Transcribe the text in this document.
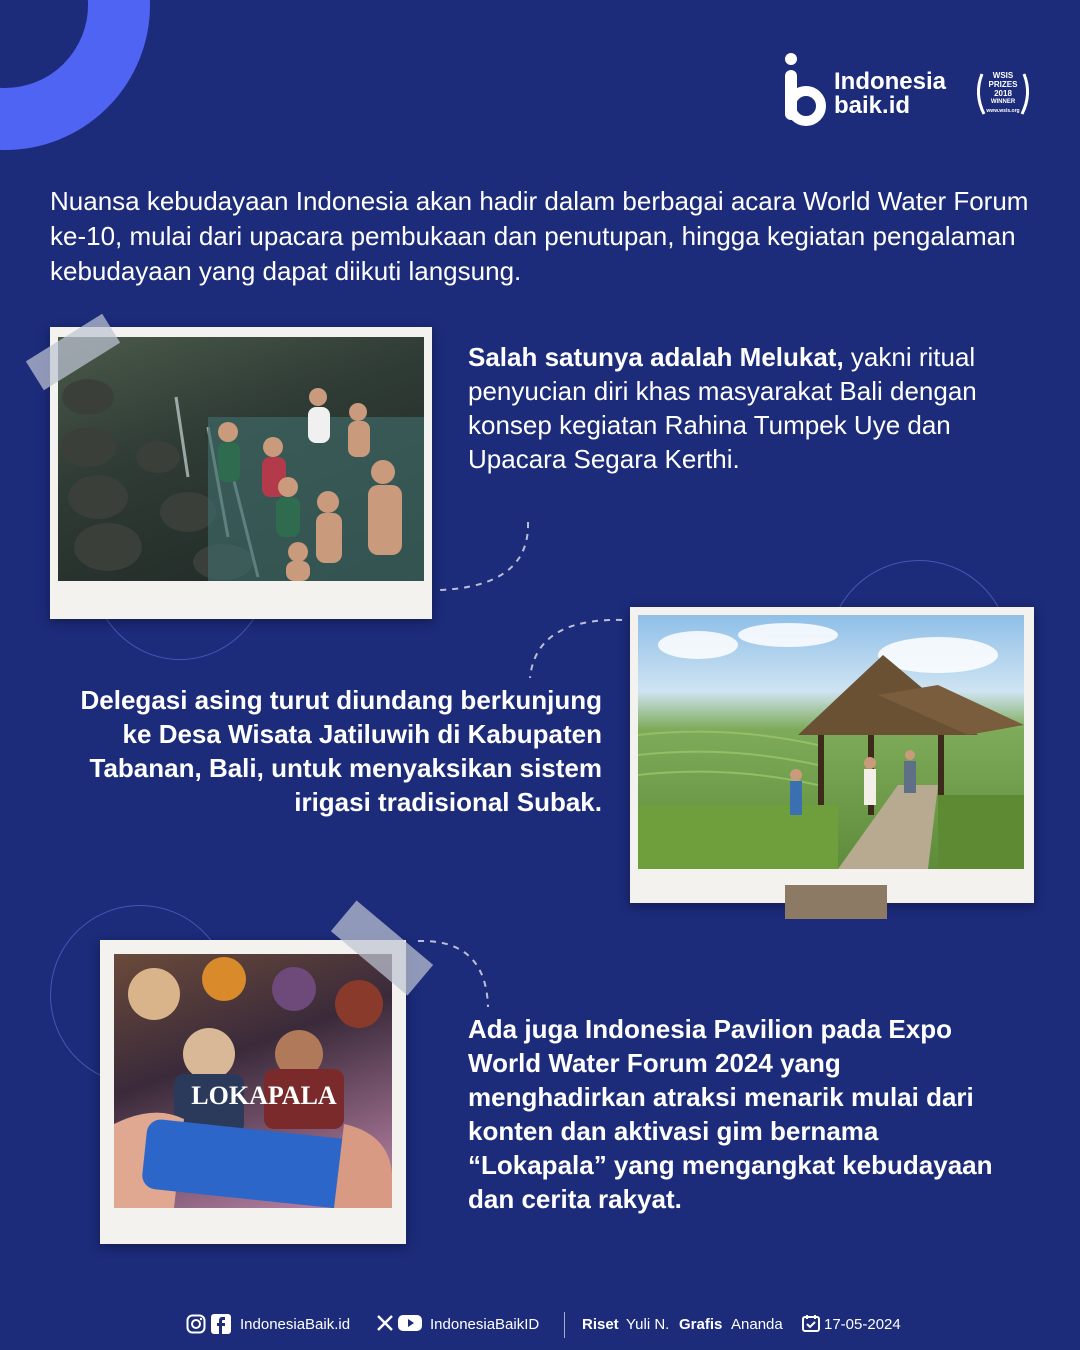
Indonesia
baik.id
WSIS
PRIZES
2018
WINNER
www.wsis.org
Nuansa kebudayaan Indonesia akan hadir dalam berbagai acara World Water Forum ke-10, mulai dari upacara pembukaan dan penutupan, hingga kegiatan pengalaman kebudayaan yang dapat diikuti langsung.
Salah satunya adalah Melukat, yakni ritual penyucian diri khas masyarakat Bali dengan konsep kegiatan Rahina Tumpek Uye dan Upacara Segara Kerthi.
Delegasi asing turut diundang berkunjung ke Desa Wisata Jatiluwih di Kabupaten Tabanan, Bali, untuk menyaksikan sistem irigasi tradisional Subak.
LOKAPALA
Ada juga Indonesia Pavilion pada Expo World Water Forum 2024 yang menghadirkan atraksi menarik mulai dari konten dan aktivasi gim bernama “Lokapala” yang mengangkat kebudayaan dan cerita rakyat.
IndonesiaBaik.id	IndonesiaBaikID	Riset Yuli N. Grafis Ananda	17-05-2024
